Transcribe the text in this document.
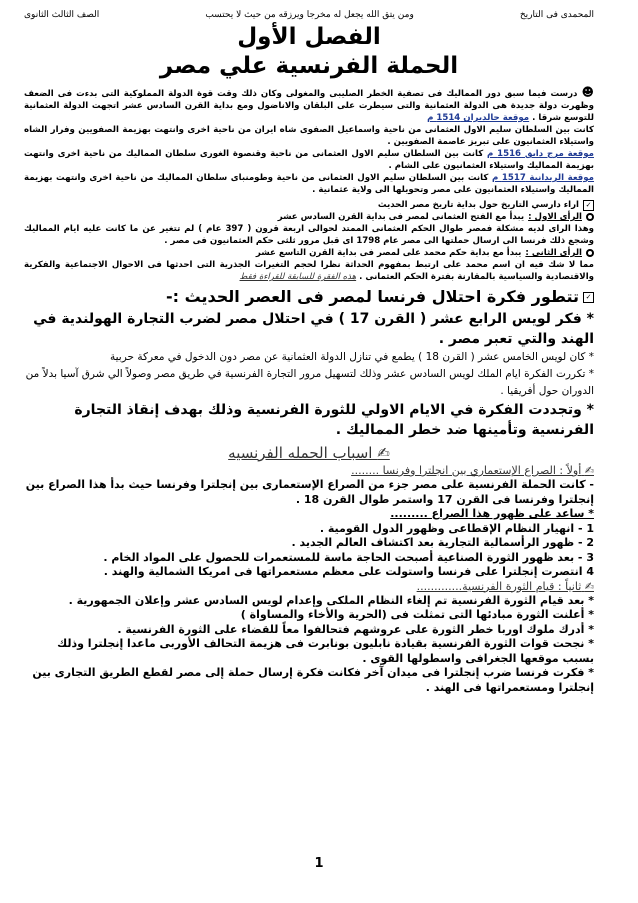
المحمدى فى التاريخ
ومن يتق الله يجعل له مخرجا ويرزقه من حيث لا يحتسب
الصف الثالث الثانوى

الفصل الأول

الحملة الفرنسية علي مصر

☻ درست فيما سبق دور المماليك فى تصفية الخطر الصليبى والمغولى وكان ذلك وقت قوة الدولة المملوكية التى بدءت فى الضعف وظهرت دولة جديدة هى الدولة العثمانية والتى سيطرت على البلقان والاناضول ومع بداية القرن السادس عشر اتجهت الدولة العثمانية للتوسع شرقا . موقعة جالديران 1514 م

كانت بين السلطان سليم الاول العثمانى من ناحية واسماعيل الصفوى شاه ايران من ناحية اخرى وانتهت بهزيمة الصفويين وفرار الشاه واستيلاء العثمانيون على تبريز عاصمة الصفويين .

موقعة مرج دابق 1516 م كانت بين السلطان سليم الاول العثمانى من ناحية وقنصوة الغورى سلطان المماليك من ناحية اخرى وانتهت بهزيمة المماليك واستيلاء العثمانيون على الشام .

موقعة الريدانية 1517 م كانت بين السلطان سليم الاول العثمانى من ناحية وطومنباى سلطان المماليك من ناحية اخرى وانتهت بهزيمة المماليك واستيلاء العثمانيون على مصر وتحويلها الى ولاية عثمانية .

✓
اراء دارسي التاريخ حول بداية تاريخ مصر الحديث

الرأى الاول :
يبدأ مع الفتح العثمانى لمصر فى بداية القرن السادس عشر

وهذا الراى لديه مشكلة فمصر طوال الحكم العثمانى الممتد لحوالى اربعة قرون ( 397 عام ) لم تتغير عن ما كانت عليه ايام المماليك وشجع ذلك فرنسا الى ارسال حملتها الى مصر عام 1798 اى قبل مرور ثلثى حكم العثمانيون فى مصر .

الرأى الثانى :
يبدأ مع بداية حكم محمد على لمصر فى بداية القرن التاسع عشر

مما لا شك فيه ان اسم محمد على ارتبط بمفهوم الحداثة نظرا لحجم التغيرات الجذرية التى احدثها فى الاحوال الاجتماعية والفكرية والاقتصادية والسياسية بالمقارنة بفترة الحكم العثمانى . هذه الفقرة للسابقة للقراءة فقط

✓
تتطور فكرة احتلال فرنسا لمصر فى العصر الحديث :-

* فكر لويس الرابع عشر ( القرن 17 ) في احتلال مصر لضرب التجارة الهولندية في الهند والتي تعبر مصر .

* كان لويس الخامس عشر ( القرن 18 ) يطمع في تنازل الدولة العثمانية عن مصر دون الدخول في معركة حربية

* تكررت الفكرة ايام الملك لويس السادس عشر وذلك لتسهيل مرور التجارة الفرنسية في طريق مصر وصولاً الي شرق آسيا بدلاً من الدوران حول أفريقيا .

* وتجددت الفكرة في الايام الاولي للثورة الفرنسية وذلك بهدف إنقاذ التجارة الفرنسية وتأمينها ضد خطر المماليك .

✍ اسباب الحمله الفرنسيه

✍ أولاً : الصراع الإستعماري بين انجلترا وفرنسا ........

- كانت الحملة الفرنسية على مصر جزء من الصراع الإستعمارى بين إنجلترا وفرنسا حيث بدأ هذا الصراع بين إنجلترا وفرنسا فى القرن 17 واستمر طوال القرن 18 .

* ساعد على ظهور هذا الصراع .........

1 - انهيار النظام الإقطاعى وظهور الدول القومية .

2 - ظهور الرأسمالية التجارية بعد اكتشاف العالم الجديد .

3 - بعد ظهور الثورة الصناعية أصبحت الحاجة ماسة للمستعمرات للحصول على المواد الخام .

4 انتصرت إنجلترا على فرنسا واستولت على معظم مستعمراتها فى امريكا الشمالية والهند .

✍ ثانياً : قيام الثورة الفرنسية.............

* بعد قيام الثورة الفرنسية تم إلغاء النظام الملكى وإعدام لويس السادس عشر وإعلان الجمهورية .

* أعلنت الثورة مبادئها التى تمثلت فى (الحرية والأخاء والمساواة )

* أدرك ملوك اوربا خطر الثورة على عروشهم فتحالفوا معاً للقضاء على الثورة الفرنسية .

* نجحت قوات الثورة الفرنسية بقيادة نابليون بونابرت فى هزيمة التحالف الأوربى ماعدا إنجلترا وذلك بسبب موقعها الجغرافى واسطولها القوى .

* فكرت فرنسا ضرب إنجلترا فى ميدان آخر فكانت فكرة إرسال حملة إلى مصر لقطع الطريق التجارى بين إنجلترا ومستعمراتها فى الهند .

1
